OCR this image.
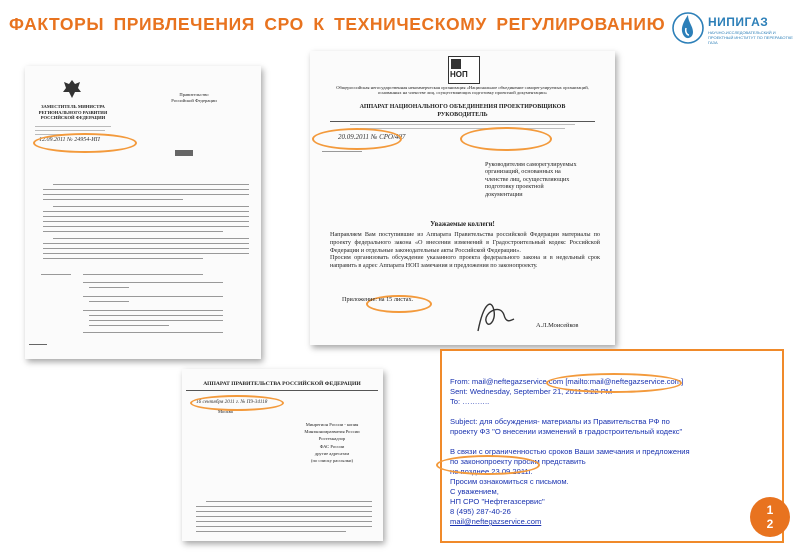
ФАКТОРЫ ПРИВЛЕЧЕНИЯ СРО К ТЕХНИЧЕСКОМУ РЕГУЛИРОВАНИЮ	НИПИГАЗ
НАУЧНО-ИССЛЕДОВАТЕЛЬСКИЙ И ПРОЕКТНЫЙ ИНСТИТУТ ПО ПЕРЕРАБОТКЕ ГАЗА
ЗАМЕСТИТЕЛЬ МИНИСТРА
РЕГИОНАЛЬНОГО РАЗВИТИЯ
РОССИЙСКОЙ ФЕДЕРАЦИИ
Правительство
Российской Федерации
12.09.2011 № 24954-ИП
НОП
Общероссийская негосударственная некоммерческая организация «Национальное объединение саморегулируемых организаций, основанных на членстве лиц, осуществляющих подготовку проектной документации»
АППАРАТ НАЦИОНАЛЬНОГО ОБЪЕДИНЕНИЯ ПРОЕКТИРОВЩИКОВ
РУКОВОДИТЕЛЬ
20.09.2011 № СРО/407
Руководителям саморегулируемых
организаций, основанных на
членстве лиц, осуществляющих
подготовку проектной
документации
Уважаемые коллеги!
Направляем Вам поступившие из Аппарата Правительства российской Федерации материалы по проекту федерального закона «О внесении изменений в Градостроительный кодекс Российской Федерации и отдельные законодательные акты Российской Федерации».
Просим организовать обсуждение указанного проекта федерального закона и в недельный срок направить в адрес Аппарата НОП замечания и предложения по законопроекту.
Приложение: на 15 листах.
А.Л.Моисейков
АППАРАТ ПРАВИТЕЛЬСТВА РОССИЙСКОЙ ФЕДЕРАЦИИ
16 сентября 2011 г. № П9-34118
Москва
Минрегион России - копия
Минэкономразвития России
Ростехнадзор
ФАС России
другие адресатам
(по списку рассылки)
From: mail@neftegazservice.com [mailto:mail@neftegazservice.com]
Sent: Wednesday, September 21, 2011 3:22 PM
To: ………..
Subject: для обсуждения- материалы из Правительства РФ по
проекту ФЗ "О внесении изменений в градостроительный кодекс"
В связи с ограниченностью сроков Ваши замечания и предложения
по законопроекту просим представить
не позднее 23.09.2011г.
Просим ознакомиться с письмом.
С уважением,
НП СРО "Нефтегазсервис"
8 (495) 287-40-26
mail@neftegazservice.com
1
2
